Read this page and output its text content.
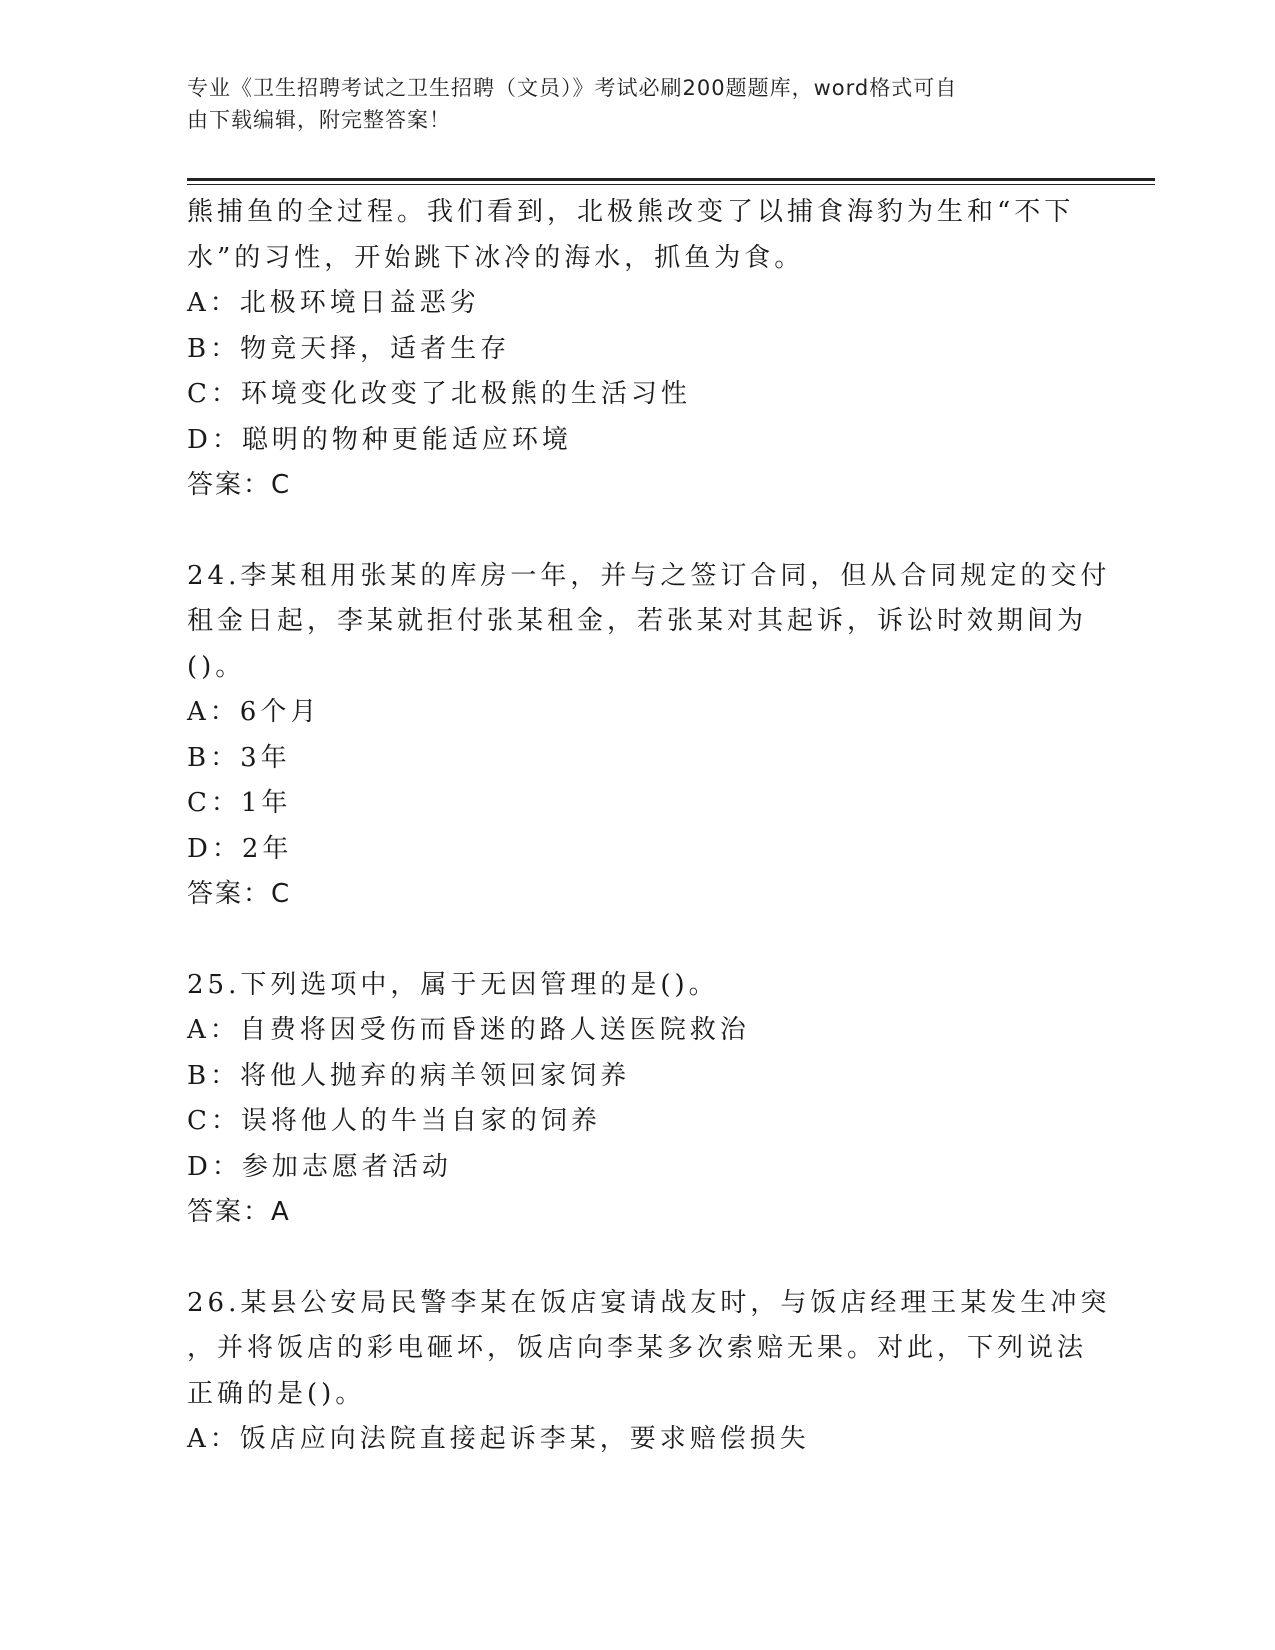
专业《卫生招聘考试之卫生招聘（文员）》考试必刷200题题库，word格式可自
由下载编辑，附完整答案！
熊捕鱼的全过程。我们看到，北极熊改变了以捕食海豹为生和“不下
水”的习性，开始跳下冰冷的海水，抓鱼为食。
A：北极环境日益恶劣
B：物竞天择，适者生存
C：环境变化改变了北极熊的生活习性
D：聪明的物种更能适应环境
答案：C
24.李某租用张某的库房一年，并与之签订合同，但从合同规定的交付
租金日起，李某就拒付张某租金，若张某对其起诉，诉讼时效期间为
()。
A：6个月
B：3年
C：1年
D：2年
答案：C
25.下列选项中，属于无因管理的是()。
A：自费将因受伤而昏迷的路人送医院救治
B：将他人抛弃的病羊领回家饲养
C：误将他人的牛当自家的饲养
D：参加志愿者活动
答案：A
26.某县公安局民警李某在饭店宴请战友时，与饭店经理王某发生冲突
，并将饭店的彩电砸坏，饭店向李某多次索赔无果。对此，下列说法
正确的是()。
A：饭店应向法院直接起诉李某，要求赔偿损失
